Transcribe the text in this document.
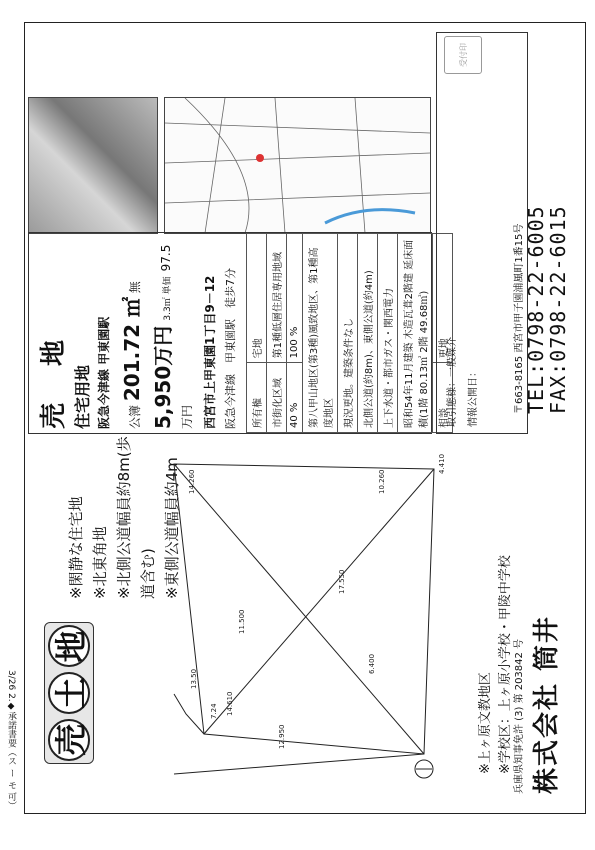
3/26 2.◆承諾書要（ス ー モ 可） 売
土
地
※閑静な住宅地 ※北東角地 ※北側公道幅員約8m(歩道含む) ※東側公道幅員約4m
13.50
7.24 14.610
14.260
11.500
12.950
17.550
6.400
10.260
4.410
※上ヶ原文教地区 ※学校区：上ヶ原小学校・甲陵中学校 兵庫県知事免許 (3) 第 203842 号 株式会社 筒井
〒663-8165 西宮市甲子園浦風町1番15号 TEL:0798-22-6005
FAX:0798-22-6015
売 地 住宅用地 阪急今津線 甲東園駅
公簿 201.72 ㎡ 無
5,950万円 3.3㎡ 単価 97.5万円 西宮市上甲東園1丁目9－12 阪急今津線　甲東園駅　徒歩7分 所有権	宅地
市街化区域	第1種低層住居専用地域
40 %	100 %
第八甲山地区(第3種)風致地区、第1種高度地区	
現況更地。建築条件なし	
北側公道(約8m)、東側公道(約4m)	
上下水道・都市ガス・関西電力	
昭和54年11月建築 木造瓦葺2階建 延床面積(1階 80.13㎡ 2階 49.68㎡)	
相談	更地
取引態様：一般媒介	情報公開日：
受付印
